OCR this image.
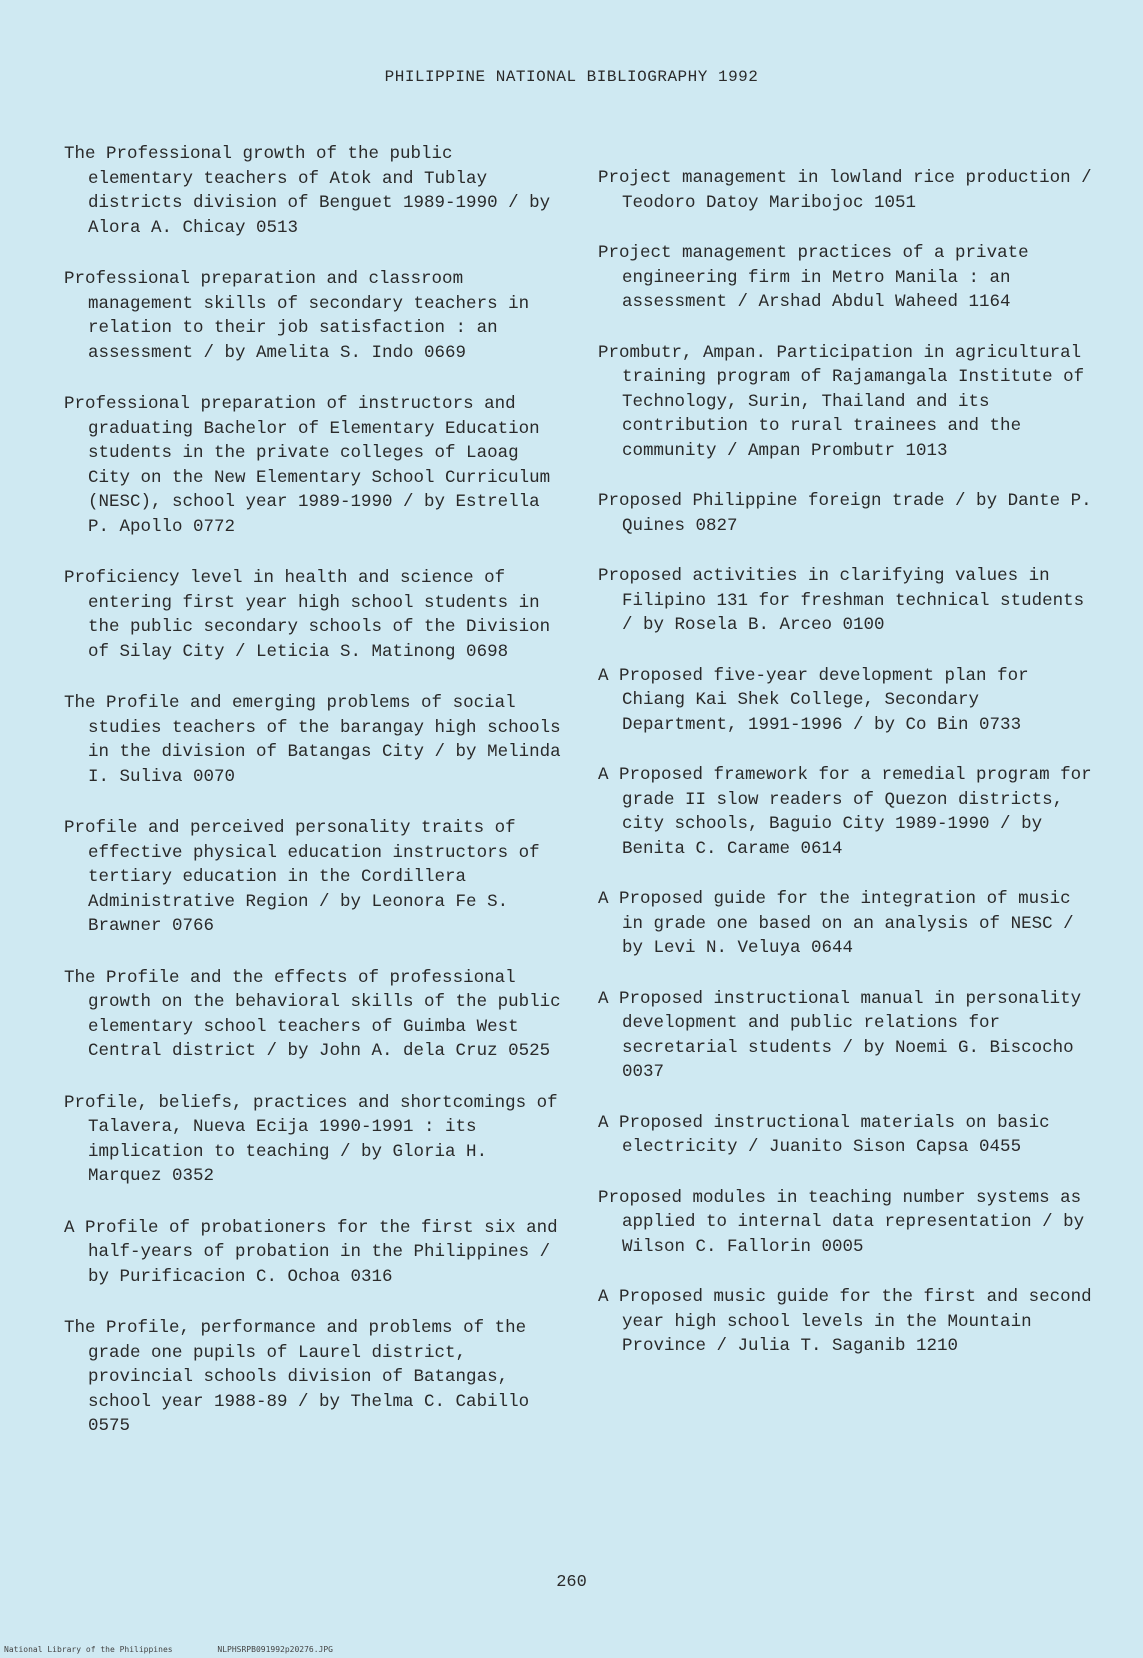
PHILIPPINE NATIONAL BIBLIOGRAPHY 1992

The Professional growth of the public elementary teachers of Atok and Tublay districts division of Benguet 1989-1990 / by Alora A. Chicay 0513

Professional preparation and classroom management skills of secondary teachers in relation to their job satisfaction : an assessment / by Amelita S. Indo 0669

Professional preparation of instructors and graduating Bachelor of Elementary Education students in the private colleges of Laoag City on the New Elementary School Curriculum (NESC), school year 1989-1990 / by Estrella P. Apollo 0772

Proficiency level in health and science of entering first year high school students in the public secondary schools of the Division of Silay City / Leticia S. Matinong 0698

The Profile and emerging problems of social studies teachers of the barangay high schools in the division of Batangas City / by Melinda I. Suliva 0070

Profile and perceived personality traits of effective physical education instructors of tertiary education in the Cordillera Administrative Region / by Leonora Fe S. Brawner 0766

The Profile and the effects of professional growth on the behavioral skills of the public elementary school teachers of Guimba West Central district / by John A. dela Cruz 0525

Profile, beliefs, practices and shortcomings of Talavera, Nueva Ecija 1990-1991 : its implication to teaching / by Gloria H. Marquez 0352

A Profile of probationers for the first six and half-years of probation in the Philippines / by Purificacion C. Ochoa 0316

The Profile, performance and problems of the grade one pupils of Laurel district, provincial schools division of Batangas, school year 1988-89 / by Thelma C. Cabillo 0575

Project management in lowland rice production / Teodoro Datoy Maribojoc 1051

Project management practices of a private engineering firm in Metro Manila : an assessment / Arshad Abdul Waheed 1164

Prombutr, Ampan. Participation in agricultural training program of Rajamangala Institute of Technology, Surin, Thailand and its contribution to rural trainees and the community / Ampan Prombutr 1013

Proposed Philippine foreign trade / by Dante P. Quines 0827

Proposed activities in clarifying values in Filipino 131 for freshman technical students / by Rosela B. Arceo 0100

A Proposed five-year development plan for Chiang Kai Shek College, Secondary Department, 1991-1996 / by Co Bin 0733

A Proposed framework for a remedial program for grade II slow readers of Quezon districts, city schools, Baguio City 1989-1990 / by Benita C. Carame 0614

A Proposed guide for the integration of music in grade one based on an analysis of NESC / by Levi N. Veluya 0644

A Proposed instructional manual in personality development and public relations for secretarial students / by Noemi G. Biscocho 0037

A Proposed instructional materials on basic electricity / Juanito Sison Capsa 0455

Proposed modules in teaching number systems as applied to internal data representation / by Wilson C. Fallorin 0005

A Proposed music guide for the first and second year high school levels in the Mountain Province / Julia T. Saganib 1210

260
National Library of the Philippines	NLPHSRPB091992p20276.JPG
